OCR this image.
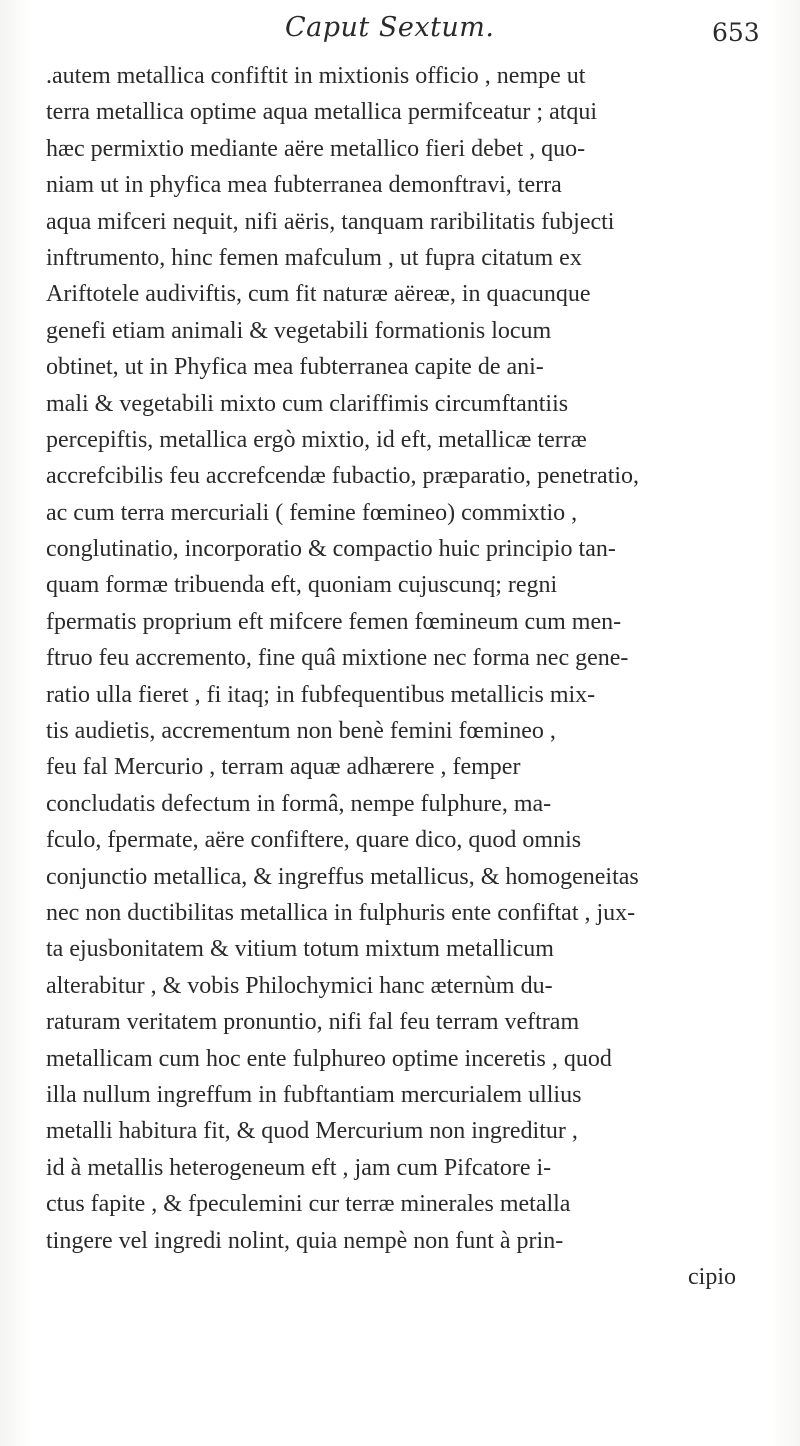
Caput Sextum.	653
.autem metallica confiftit in mixtionis officio , nempe ut
terra metallica optime aqua metallica permifceatur ; atqui
hæc permixtio mediante aëre metallico fieri debet , quo-
niam ut in phyfica mea fubterranea demonftravi, terra
aqua mifceri nequit, nifi aëris, tanquam raribilitatis fubjecti
inftrumento, hinc femen mafculum , ut fupra citatum ex
Ariftotele audiviftis, cum fit naturæ aëreæ, in quacunque
genefi etiam animali & vegetabili formationis locum
obtinet, ut in Phyfica mea fubterranea capite de ani-
mali & vegetabili mixto cum clariffimis circumftantiis
percepiftis, metallica ergò mixtio, id eft, metallicæ terræ
accrefcibilis feu accrefcendæ fubactio, præparatio, penetratio,
ac cum terra mercuriali ( femine fœmineo) commixtio ,
conglutinatio, incorporatio & compactio huic principio tan-
quam formæ tribuenda eft, quoniam cujuscunq; regni
fpermatis proprium eft mifcere femen fœmineum cum men-
ftruo feu accremento, fine quâ mixtione nec forma nec gene-
ratio ulla fieret , fi itaq; in fubfequentibus metallicis mix-
tis audietis, accrementum non benè femini fœmineo ,
feu fal Mercurio , terram aquæ adhærere , femper
concludatis defectum in formâ, nempe fulphure, ma-
fculo, fpermate, aëre confiftere, quare dico, quod omnis
conjunctio metallica, & ingreffus metallicus, & homogeneitas
nec non ductibilitas metallica in fulphuris ente confiftat , jux-
ta ejusbonitatem & vitium totum mixtum metallicum
alterabitur , & vobis Philochymici hanc æternùm du-
raturam veritatem pronuntio, nifi fal feu terram veftram
metallicam cum hoc ente fulphureo optime inceretis , quod
illa nullum ingreffum in fubftantiam mercurialem ullius
metalli habitura fit, & quod Mercurium non ingreditur ,
id à metallis heterogeneum eft , jam cum Pifcatore i-
ctus fapite , & fpeculemini cur terræ minerales metalla
tingere vel ingredi nolint, quia nempè non funt à prin-
cipio
